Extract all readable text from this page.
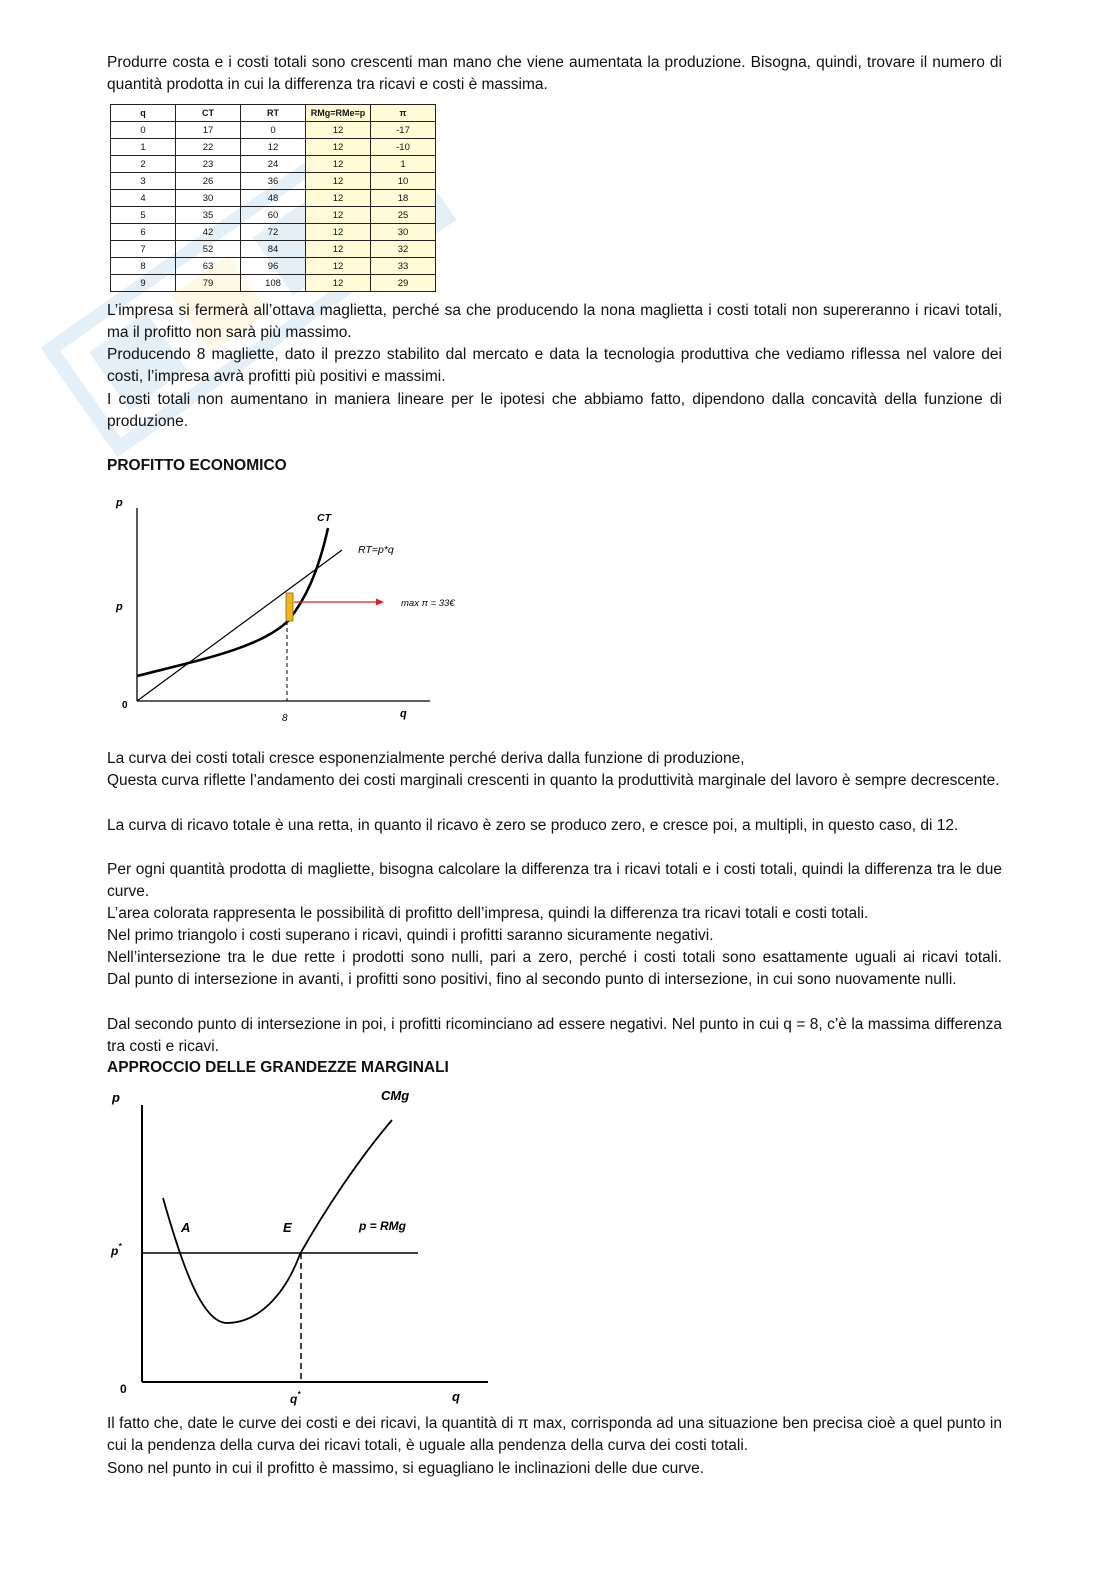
Produrre costa e i costi totali sono crescenti man mano che viene aumentata la produzione. Bisogna, quindi, trovare il numero di quantità prodotta in cui la differenza tra ricavi e costi è massima.

q	CT	RT	RMg=RMe=p	π
0	17	0	12	-17
1	22	12	12	-10
2	23	24	12	1
3	26	36	12	10
4	30	48	12	18
5	35	60	12	25
6	42	72	12	30
7	52	84	12	32
8	63	96	12	33
9	79	108	12	29

L’impresa si fermerà all’ottava maglietta, perché sa che producendo la nona maglietta i costi totali non supereranno i ricavi totali, ma il profitto non sarà più massimo.

Producendo 8 magliette, dato il prezzo stabilito dal mercato e data la tecnologia produttiva che vediamo riflessa nel valore dei costi, l’impresa avrà profitti più positivi e massimi.

I costi totali non aumentano in maniera lineare per le ipotesi che abbiamo fatto, dipendono dalla concavità della funzione di produzione.

PROFITTO ECONOMICO

p
p
0
8	q
CT
RT=p*q
max π = 33€

La curva dei costi totali cresce esponenzialmente perché deriva dalla funzione di produzione,

Questa curva riflette l’andamento dei costi marginali crescenti in quanto la produttività marginale del lavoro è sempre decrescente.

La curva di ricavo totale è una retta, in quanto il ricavo è zero se produco zero, e cresce poi, a multipli, in questo caso, di 12.

Per ogni quantità prodotta di magliette, bisogna calcolare la differenza tra i ricavi totali e i costi totali, quindi la differenza tra le due curve.

L’area colorata rappresenta le possibilità di profitto dell’impresa, quindi la differenza tra ricavi totali e costi totali.

Nel primo triangolo i costi superano i ricavi, quindi i profitti saranno sicuramente negativi.

Nell’intersezione tra le due rette i prodotti sono nulli, pari a zero, perché i costi totali sono esattamente uguali ai ricavi totali.                    Dal punto di intersezione in avanti, i profitti sono positivi, fino al secondo punto di intersezione, in cui sono nuovamente nulli.

Dal secondo punto di intersezione in poi, i profitti ricominciano ad essere negativi. Nel punto in cui q = 8, c’è la massima differenza tra costi e ricavi.

APPROCCIO DELLE GRANDEZZE MARGINALI

p
p*
0
q*	q
CMg
A	E	p = RMg

Il fatto che, date le curve dei costi e dei ricavi, la quantità di π max, corrisponda ad una situazione ben precisa cioè a quel punto in cui la pendenza della curva dei ricavi totali, è uguale alla pendenza della curva dei costi totali.

Sono nel punto in cui il profitto è massimo, si eguagliano le inclinazioni delle due curve.
